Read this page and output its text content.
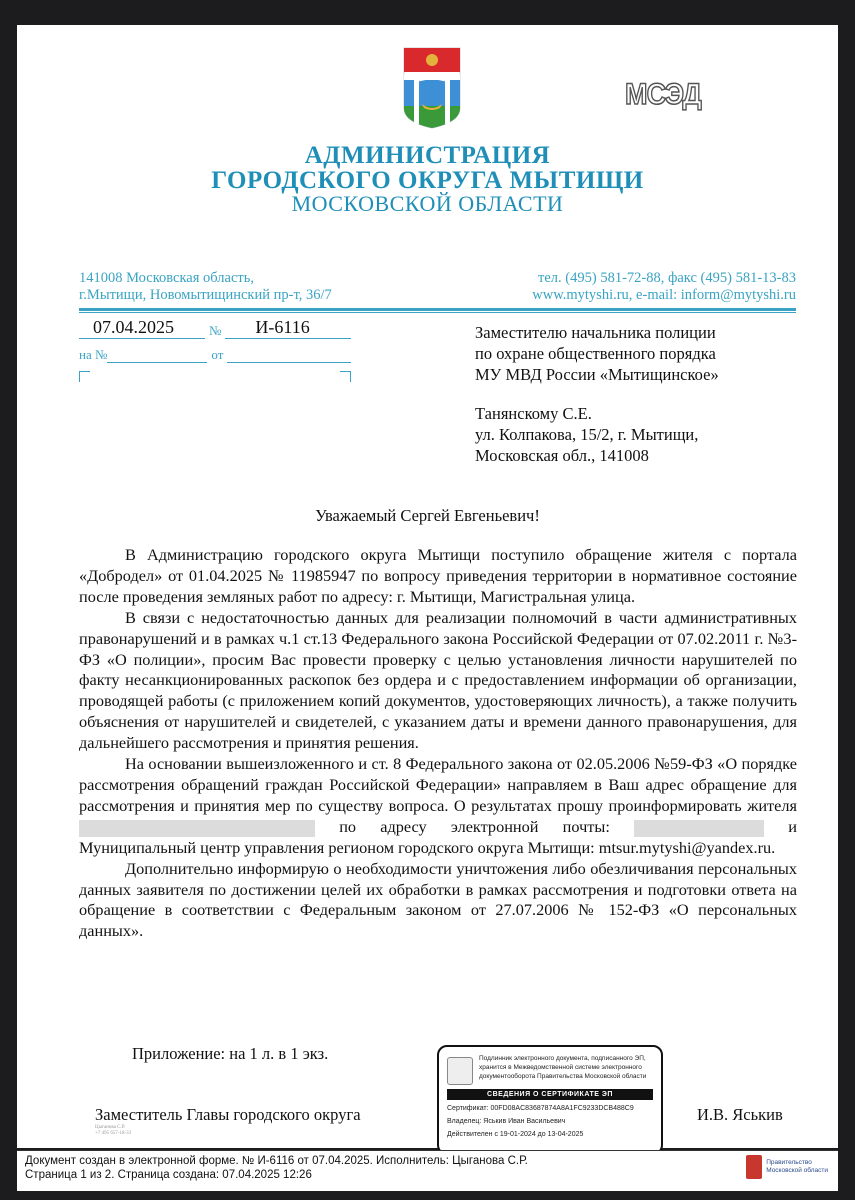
МСЭД
АДМИНИСТРАЦИЯ
ГОРОДСКОГО ОКРУГА МЫТИЩИ
МОСКОВСКОЙ ОБЛАСТИ
141008 Московская область,
г.Мытищи, Новомытищинский пр-т, 36/7
тел. (495) 581-72-88, факс (495) 581-13-83
www.mytyshi.ru, e-mail: inform@mytyshi.ru
07.04.2025	№	И-6116
на №	от
Заместителю начальника полиции
по охране общественного порядка
МУ МВД России «Мытищинское»
Танянскому С.Е.
ул. Колпакова, 15/2, г. Мытищи,
Московская обл., 141008
Уважаемый Сергей Евгеньевич!

В Администрацию городского округа Мытищи поступило обращение жителя с портала «Добродел» от 01.04.2025 № 11985947 по вопросу приведения территории в нормативное состояние после проведения земляных работ по адресу: г. Мытищи, Магистральная улица.

В связи с недостаточностью данных для реализации полномочий в части административных правонарушений и в рамках ч.1 ст.13 Федерального закона Российской Федерации от 07.02.2011 г. №3-ФЗ «О полиции», просим Вас провести проверку с целью установления личности нарушителей по факту несанкционированных раскопок без ордера и с предоставлением информации об организации, проводящей работы (с приложением копий документов, удостоверяющих личность), а также получить объяснения от нарушителей и свидетелей, с указанием даты и времени данного правонарушения, для дальнейшего рассмотрения и принятия решения.

На основании вышеизложенного и ст. 8 Федерального закона от 02.05.2006 №59-ФЗ «О порядке рассмотрения обращений граждан Российской Федерации» направляем в Ваш адрес обращение для рассмотрения и принятия мер по существу вопроса. О результатах прошу проинформировать жителя  по адресу электронной почты:	и Муниципальный центр управления регионом городского округа Мытищи: mtsur.mytyshi@yandex.ru.

Дополнительно информирую о необходимости уничтожения либо обезличивания персональных данных заявителя по достижении целей их обработки в рамках рассмотрения и подготовки ответа на обращение в соответствии с Федеральным законом от 27.07.2006 № 152-ФЗ «О персональных данных».

Приложение: на 1 л. в 1 экз.	Подлинник электронного документа, подписанного ЭП, хранится в Межведомственной системе электронного документооборота Правительства Московской области
СВЕДЕНИЯ О СЕРТИФИКАТЕ ЭП
Сертификат: 00FD08AC83687874A8A1FC9233DCB488C9
Владелец: Яськив Иван Васильевич
Действителен с 19-01-2024 до 13-04-2025
Заместитель Главы городского округа
Цыганова С.Р.
+7 495 657-18-33
И.В. Яськив
Документ создан в электронной форме. № И-6116 от 07.04.2025. Исполнитель: Цыганова С.Р.
Страница 1 из 2. Страница создана: 07.04.2025 12:26
Правительство
Московской области
